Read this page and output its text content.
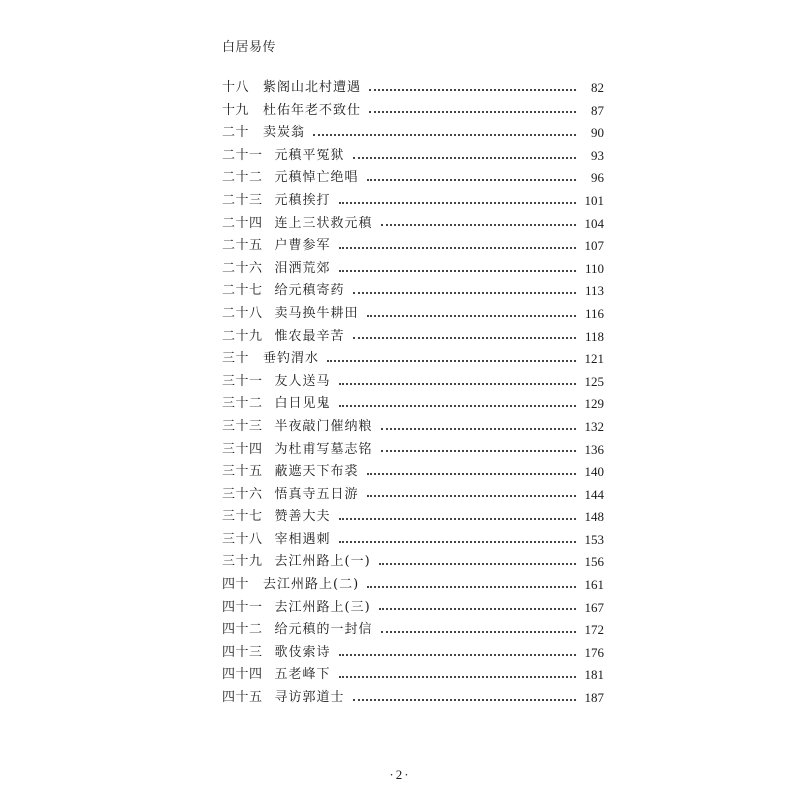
白居易传
十八 紫阁山北村遭遇	82
十九 杜佑年老不致仕	87
二十 卖炭翁	90
二十一 元稹平冤狱	93
二十二 元稹悼亡绝唱	96
二十三 元稹挨打	101
二十四 连上三状救元稹	104
二十五 户曹参军	107
二十六 泪洒荒郊	110
二十七 给元稹寄药	113
二十八 卖马换牛耕田	116
二十九 惟农最辛苦	118
三十 垂钓渭水	121
三十一 友人送马	125
三十二 白日见鬼	129
三十三 半夜敲门催纳粮	132
三十四 为杜甫写墓志铭	136
三十五 蔽遮天下布裘	140
三十六 悟真寺五日游	144
三十七 赞善大夫	148
三十八 宰相遇刺	153
三十九 去江州路上(一)	156
四十 去江州路上(二)	161
四十一 去江州路上(三)	167
四十二 给元稹的一封信	172
四十三 歌伎索诗	176
四十四 五老峰下	181
四十五 寻访郭道士	187
·2·
